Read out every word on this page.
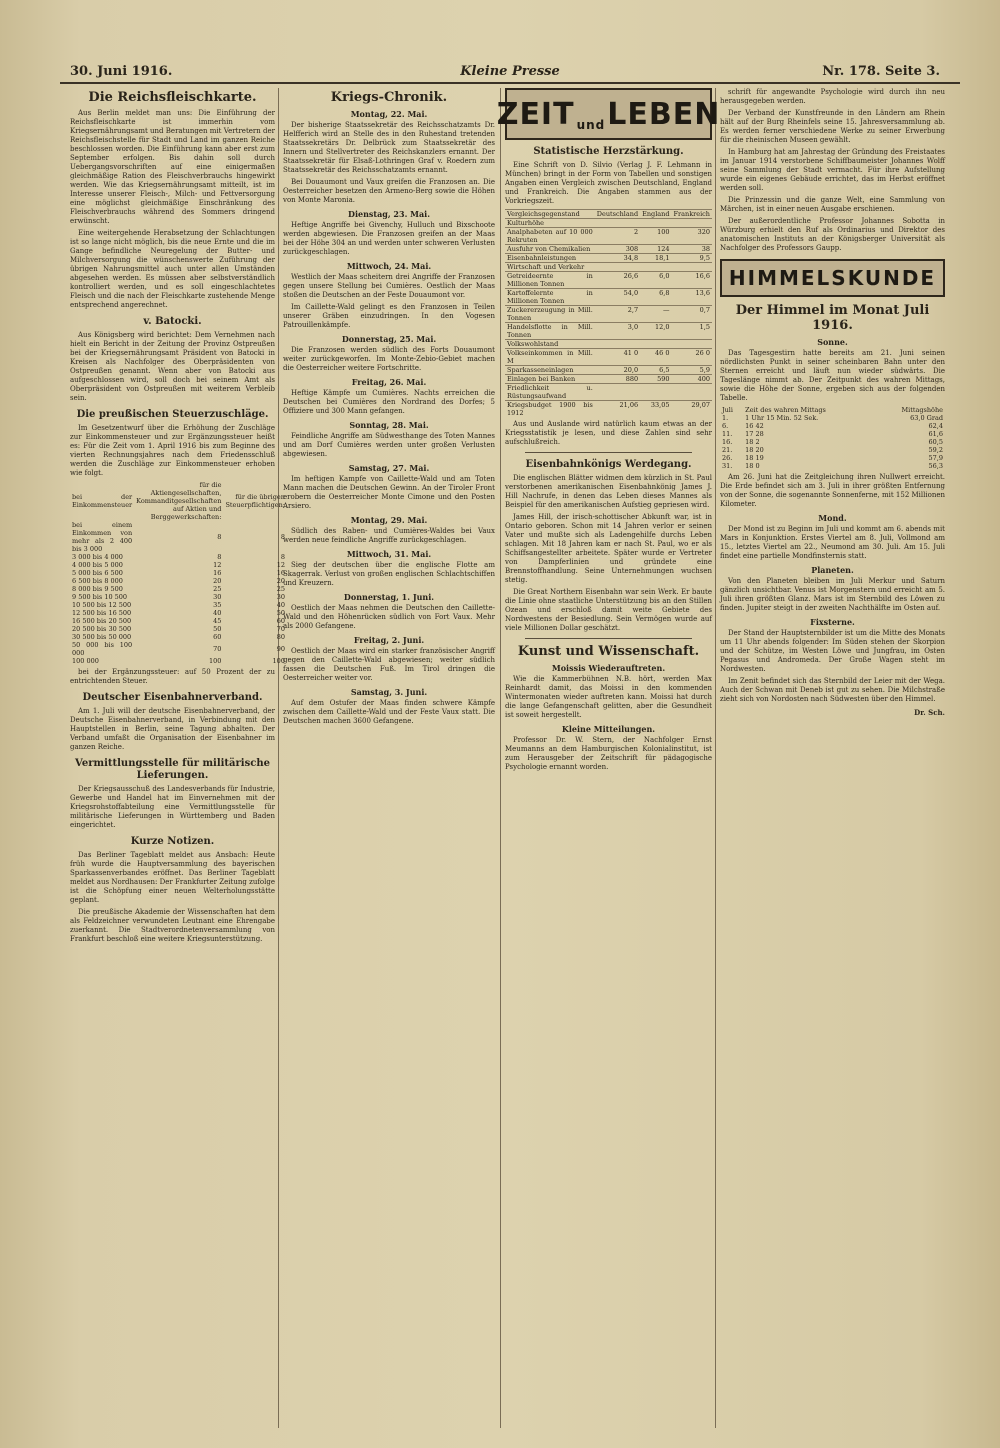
30. Juni 1916.	Kleine Presse	Nr. 178. Seite 3.
Die Reichsfleischkarte.

Aus Berlin meldet man uns: Die Einführung der Reichsfleischkarte ist immerhin vom Kriegsernährungsamt und Beratungen mit Vertretern der Reichsfleischstelle für Stadt und Land im ganzen Reiche beschlossen worden. Die Einführung kann aber erst zum September erfolgen. Bis dahin soll durch Uebergangsvorschriften auf eine einigermaßen gleichmäßige Ration des Fleischverbrauchs hingewirkt werden. Wie das Kriegsernährungsamt mitteilt, ist im Interesse unserer Fleisch-, Milch- und Fettversorgung eine möglichst gleichmäßige Einschränkung des Fleischverbrauchs während des Sommers dringend erwünscht.

Eine weitergehende Herabsetzung der Schlachtungen ist so lange nicht möglich, bis die neue Ernte und die im Gange befindliche Neuregelung der Butter- und Milchversorgung die wünschenswerte Zuführung der übrigen Nahrungsmittel auch unter allen Umständen abgesehen werden. Es müssen aber selbstverständlich kontrolliert werden, und es soll eingeschlachtetes Fleisch und die nach der Fleischkarte zustehende Menge entsprechend angerechnet.

v. Batocki.

Aus Königsberg wird berichtet: Dem Vernehmen nach hielt ein Bericht in der Zeitung der Provinz Ostpreußen bei der Kriegsernährungsamt Präsident von Batocki in Kreisen als Nachfolger des Oberpräsidenten von Ostpreußen genannt. Wenn aber von Batocki aus aufgeschlossen wird, soll doch bei seinem Amt als Oberpräsident von Ostpreußen mit weiterem Verbleib sein.

Die preußischen Steuerzuschläge.

Im Gesetzentwurf über die Erhöhung der Zuschläge zur Einkommensteuer und zur Ergänzungssteuer heißt es: Für die Zeit vom 1. April 1916 bis zum Beginne des vierten Rechnungsjahres nach dem Friedensschluß werden die Zuschläge zur Einkommensteuer erhoben wie folgt.

bei der Einkommensteuer	für die Aktiengesellschaften, Kommanditgesellschaften auf Aktien und Berggewerkschaften:	für die übrigen Steuerpflichtigen:
bei einem Einkommen von mehr als 2 400 bis 3 000	8	8
3 000 bis 4 000	8	8
4 000 bis 5 000	12	12
5 000 bis 6 500	16	16
6 500 bis 8 000	20	20
8 000 bis 9 500	25	25
9 500 bis 10 500	30	30
10 500 bis 12 500	35	40
12 500 bis 16 500	40	50
16 500 bis 20 500	45	60
20 500 bis 30 500	50	70
30 500 bis 50 000	60	80
50 000 bis 100 000	70	90
100 000	100	100

bei der Ergänzungssteuer: auf 50 Prozent der zu entrichtenden Steuer.

Deutscher Eisenbahnerverband.

Am 1. Juli will der deutsche Eisenbahnerverband, der Deutsche Eisenbahnerverband, in Verbindung mit den Hauptstellen in Berlin, seine Tagung abhalten. Der Verband umfaßt die Organisation der Eisenbahner im ganzen Reiche.

Vermittlungsstelle für militärische Lieferungen.

Der Kriegsausschuß des Landesverbands für Industrie, Gewerbe und Handel hat im Einvernehmen mit der Kriegsrohstoffabteilung eine Vermittlungsstelle für militärische Lieferungen in Württemberg und Baden eingerichtet.

Kurze Notizen.

Das Berliner Tageblatt meldet aus Ansbach: Heute früh wurde die Hauptversammlung des bayerischen Sparkassenverbandes eröffnet. Das Berliner Tageblatt meldet aus Nordhausen: Der Frankfurter Zeitung zufolge ist die Schöpfung einer neuen Welterholungsstätte geplant.

Die preußische Akademie der Wissenschaften hat dem als Feldzeichner verwundeten Leutnant eine Ehrengabe zuerkannt. Die Stadtverordnetenversammlung von Frankfurt beschloß eine weitere Kriegsunterstützung.

Kriegs-Chronik.
Montag, 22. Mai.

Der bisherige Staatssekretär des Reichsschatzamts Dr. Helfferich wird an Stelle des in den Ruhestand tretenden Staatssekretärs Dr. Delbrück zum Staatssekretär des Innern und Stellvertreter des Reichskanzlers ernannt. Der Staatssekretär für Elsaß-Lothringen Graf v. Roedern zum Staatssekretär des Reichsschatzamts ernannt.

Bei Douaumont und Vaux greifen die Franzosen an. Die Oesterreicher besetzen den Armeno-Berg sowie die Höhen von Monte Maronia.

Dienstag, 23. Mai.

Heftige Angriffe bei Givenchy, Hulluch und Bixschoote werden abgewiesen. Die Franzosen greifen an der Maas bei der Höhe 304 an und werden unter schweren Verlusten zurückgeschlagen.

Mittwoch, 24. Mai.

Westlich der Maas scheitern drei Angriffe der Franzosen gegen unsere Stellung bei Cumières. Oestlich der Maas stoßen die Deutschen an der Feste Douaumont vor.

Im Caillette-Wald gelingt es den Franzosen in Teilen unserer Gräben einzudringen. In den Vogesen Patrouillenkämpfe.

Donnerstag, 25. Mai.

Die Franzosen werden südlich des Forts Douaumont weiter zurückgeworfen. Im Monte-Zebio-Gebiet machen die Oesterreicher weitere Fortschritte.

Freitag, 26. Mai.

Heftige Kämpfe um Cumières. Nachts erreichen die Deutschen bei Cumières den Nordrand des Dorfes; 5 Offiziere und 300 Mann gefangen.

Sonntag, 28. Mai.

Feindliche Angriffe am Südwesthange des Toten Mannes und am Dorf Cumières werden unter großen Verlusten abgewiesen.

Samstag, 27. Mai.

Im heftigen Kampfe von Caillette-Wald und am Toten Mann machen die Deutschen Gewinn. An der Tiroler Front erobern die Oesterreicher Monte Cimone und den Posten Arsiero.

Montag, 29. Mai.

Südlich des Raben- und Cumières-Waldes bei Vaux werden neue feindliche Angriffe zurückgeschlagen.

Mittwoch, 31. Mai.

Sieg der deutschen über die englische Flotte am Skagerrak. Verlust von großen englischen Schlachtschiffen und Kreuzern.

Donnerstag, 1. Juni.

Oestlich der Maas nehmen die Deutschen den Caillette-Wald und den Höhenrücken südlich von Fort Vaux. Mehr als 2000 Gefangene.

Freitag, 2. Juni.

Oestlich der Maas wird ein starker französischer Angriff gegen den Caillette-Wald abgewiesen; weiter südlich fassen die Deutschen Fuß. Im Tirol dringen die Oesterreicher weiter vor.

Samstag, 3. Juni.

Auf dem Ostufer der Maas finden schwere Kämpfe zwischen dem Caillette-Wald und der Feste Vaux statt. Die Deutschen machen 3600 Gefangene.

ZEIT und LEBEN
Statistische Herzstärkung.

Eine Schrift von D. Silvio (Verlag J. F. Lehmann in München) bringt in der Form von Tabellen und sonstigen Angaben einen Vergleich zwischen Deutschland, England und Frankreich. Die Angaben stammen aus der Vorkriegszeit.

Vergleichsgegenstand	Deutschland	England	Frankreich
Kulturhöhe			
Analphabeten auf 10 000 Rekruten	2	100	320
Ausfuhr von Chemikalien	308	124	38
Eisenbahnleistungen	34,8	18,1	9,5
Wirtschaft und Verkehr			
Getreideernte in Millionen Tonnen	26,6	6,0	16,6
Kartoffelernte in Millionen Tonnen	54,0	6,8	13,6
Zuckererzeugung in Mill. Tonnen	2,7	—	0,7
Handelsflotte in Mill. Tonnen	3,0	12,0	1,5
Volkswohlstand			
Volkseinkommen in Mill. M	41 0	46 0	26 0
Sparkasseneinlagen	20,0	6,5	5,9
Einlagen bei Banken	880	590	400
Friedlichkeit u. Rüstungsaufwand			
Kriegsbudget 1900 bis 1912	21,06	33,05	29,07

Aus und Auslande wird natürlich kaum etwas an der Kriegsstatistik je lesen, und diese Zahlen sind sehr aufschlußreich.

Eisenbahnkönigs Werdegang.

Die englischen Blätter widmen dem kürzlich in St. Paul verstorbenen amerikanischen Eisenbahnkönig James J. Hill Nachrufe, in denen das Leben dieses Mannes als Beispiel für den amerikanischen Aufstieg gepriesen wird.

James Hill, der irisch-schottischer Abkunft war, ist in Ontario geboren. Schon mit 14 Jahren verlor er seinen Vater und mußte sich als Ladengehilfe durchs Leben schlagen. Mit 18 Jahren kam er nach St. Paul, wo er als Schiffsangestellter arbeitete. Später wurde er Vertreter von Dampferlinien und gründete eine Brennstoffhandlung. Seine Unternehmungen wuchsen stetig.

Die Great Northern Eisenbahn war sein Werk. Er baute die Linie ohne staatliche Unterstützung bis an den Stillen Ozean und erschloß damit weite Gebiete des Nordwestens der Besiedlung. Sein Vermögen wurde auf viele Millionen Dollar geschätzt.

Kunst und Wissenschaft.
Moissis Wiederauftreten.

Wie die Kammerbühnen N.B. hört, werden Max Reinhardt damit, das Moissi in den kommenden Wintermonaten wieder auftreten kann. Moissi hat durch die lange Gefangenschaft gelitten, aber die Gesundheit ist soweit hergestellt.

Kleine Mitteilungen.

Professor Dr. W. Stern, der Nachfolger Ernst Meumanns an dem Hamburgischen Kolonialinstitut, ist zum Herausgeber der Zeitschrift für pädagogische Psychologie ernannt worden.

schrift für angewandte Psychologie wird durch ihn neu herausgegeben werden.

Der Verband der Kunstfreunde in den Ländern am Rhein hält auf der Burg Rheinfels seine 15. Jahresversammlung ab. Es werden ferner verschiedene Werke zu seiner Erwerbung für die rheinischen Museen gewählt.

In Hamburg hat am Jahrestag der Gründung des Freistaates im Januar 1914 verstorbene Schiffbaumeister Johannes Wolff seine Sammlung der Stadt vermacht. Für ihre Aufstellung wurde ein eigenes Gebäude errichtet, das im Herbst eröffnet werden soll.

Die Prinzessin und die ganze Welt, eine Sammlung von Märchen, ist in einer neuen Ausgabe erschienen.

Der außerordentliche Professor Johannes Sobotta in Würzburg erhielt den Ruf als Ordinarius und Direktor des anatomischen Instituts an der Königsberger Universität als Nachfolger des Professors Gaupp.

HIMMELSKUNDE
Der Himmel im Monat Juli 1916.
Sonne.

Das Tagesgestirn hatte bereits am 21. Juni seinen nördlichsten Punkt in seiner scheinbaren Bahn unter den Sternen erreicht und läuft nun wieder südwärts. Die Tageslänge nimmt ab. Der Zeitpunkt des wahren Mittags, sowie die Höhe der Sonne, ergeben sich aus der folgenden Tabelle.

Juli	Zeit des wahren Mittags	Mittagshöhe
1.	1 Uhr 15 Min. 52 Sek.	63,0 Grad
6.	16 42	62,4
11.	17 28	61,6
16.	18 2	60,5
21.	18 20	59,2
26.	18 19	57,9
31.	18 0	56,3

Am 26. Juni hat die Zeitgleichung ihren Nullwert erreicht. Die Erde befindet sich am 3. Juli in ihrer größten Entfernung von der Sonne, die sogenannte Sonnenferne, mit 152 Millionen Kilometer.

Mond.

Der Mond ist zu Beginn im Juli und kommt am 6. abends mit Mars in Konjunktion. Erstes Viertel am 8. Juli, Vollmond am 15., letztes Viertel am 22., Neumond am 30. Juli. Am 15. Juli findet eine partielle Mondfinsternis statt.

Planeten.

Von den Planeten bleiben im Juli Merkur und Saturn gänzlich unsichtbar. Venus ist Morgenstern und erreicht am 5. Juli ihren größten Glanz. Mars ist im Sternbild des Löwen zu finden. Jupiter steigt in der zweiten Nachthälfte im Osten auf.

Fixsterne.

Der Stand der Hauptsternbilder ist um die Mitte des Monats um 11 Uhr abends folgender: Im Süden stehen der Skorpion und der Schütze, im Westen Löwe und Jungfrau, im Osten Pegasus und Andromeda. Der Große Wagen steht im Nordwesten.

Im Zenit befindet sich das Sternbild der Leier mit der Wega. Auch der Schwan mit Deneb ist gut zu sehen. Die Milchstraße zieht sich von Nordosten nach Südwesten über den Himmel.

Dr. Sch.
